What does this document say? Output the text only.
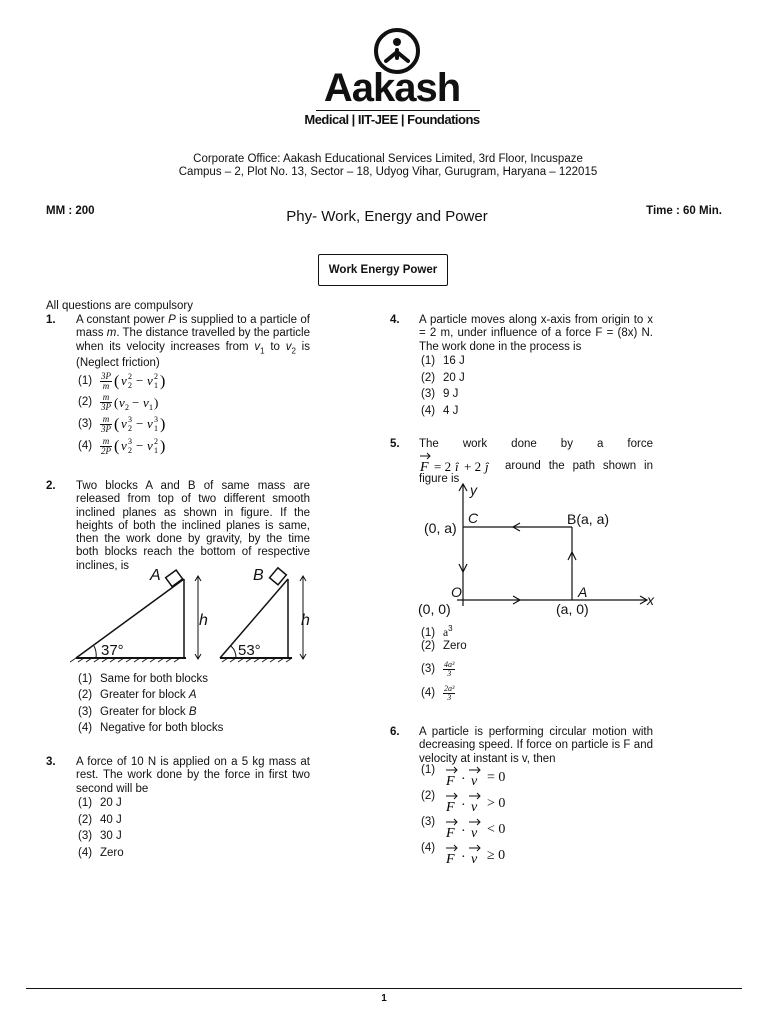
Aakash
Medical | IIT-JEE | Foundations
Corporate Office: Aakash Educational Services Limited, 3rd Floor, Incuspaze
Campus – 2, Plot No. 13, Sector – 18, Udyog Vihar, Gurugram, Haryana – 122015
MM : 200	Phy- Work, Energy and Power	Time : 60 Min.
Work Energy Power
All questions are compulsory
1. A constant power P is supplied to a particle of mass m. The distance travelled by the particle when its velocity increases from $v_1$ to $v_2$ is (Neglect friction)
$(1) \frac{3P}{m}$ ( v 2
2 − v 2
1 )
$(2) \frac{m}{3P}$ ( v 2 − v 1 )
$(3) \frac{m}{3P}$ ( v 3
2 − v 3
1 )
$(4) \frac{m}{2P}$ ( v 3
2 − v 2
1 )
2. Two blocks A and B of same mass are released from top of two different smooth inclined planes as shown in figure. If the heights of both the inclined planes is same, then the work done by gravity, by the time both blocks reach the bottom of respective inclines, is
A	B
h	h
37°	53°
(1) Same for both blocks
(2) Greater for block A
(3) Greater for block B
(4) Negative for both blocks
3. A force of 10 N is applied on a 5 kg mass at rest. The work done by the force in first two second will be
(1) 20 J
(2) 40 J
(3) 30 J
(4) Zero
4. A particle moves along x-axis from origin to x = 2 m, under influence of a force F = (8x) N. The work done in the process is
(1) 16 J
(2) 20 J
(3) 9 J
(4) 4 J
5. The work done by a force
F = 2 î + 2 ĵ	around the path shown in figure is
y
C	B(a, a)
(0, a)
O	A
(0, 0)	(a, 0)
x
(1) $a^3$
(2) Zero
$(3) \frac{\text{4a³}}{3}$
$(4) \frac{\text{2a³}}{3}$
6. A particle is performing circular motion with decreasing speed. If force on particle is F and velocity at instant is v, then
(1)
F · v = 0
(2)
F · v > 0
(3)
F · v < 0
(4)
F · v ≥ 0
1
